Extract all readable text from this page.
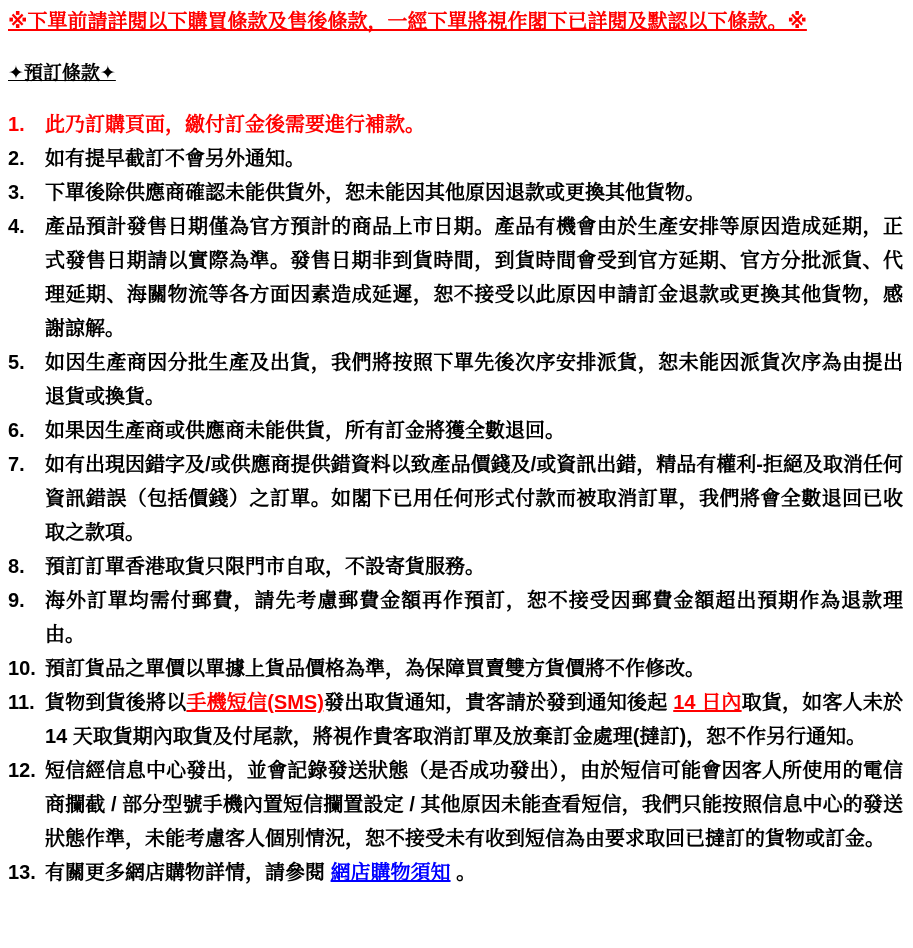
※下單前請詳閱以下購買條款及售後條款，一經下單將視作閣下已詳閱及默認以下條款。※
✦預訂條款✦
1.	此乃訂購頁面，繳付訂金後需要進行補款。
2.	如有提早截訂不會另外通知。
3.	下單後除供應商確認未能供貨外，恕未能因其他原因退款或更換其他貨物。
4.	產品預計發售日期僅為官方預計的商品上市日期。產品有機會由於生產安排等原因造成延期，正式發售日期請以實際為準。發售日期非到貨時間，到貨時間會受到官方延期、官方分批派貨、代理延期、海關物流等各方面因素造成延遲，恕不接受以此原因申請訂金退款或更換其他貨物，感謝諒解。
5.	如因生產商因分批生產及出貨，我們將按照下單先後次序安排派貨，恕未能因派貨次序為由提出退貨或換貨。
6.	如果因生產商或供應商未能供貨，所有訂金將獲全數退回。
7.	如有出現因錯字及/或供應商提供錯資料以致產品價錢及/或資訊出錯，精品有權利-拒絕及取消任何資訊錯誤（包括價錢）之訂單。如閣下已用任何形式付款而被取消訂單，我們將會全數退回已收取之款項。
8.	預訂訂單香港取貨只限門市自取，不設寄貨服務。
9.	海外訂單均需付郵費，請先考慮郵費金額再作預訂，恕不接受因郵費金額超出預期作為退款理由。
10. 預訂貨品之單價以單據上貨品價格為準，為保障買賣雙方貨價將不作修改。
11. 貨物到貨後將以手機短信(SMS)發出取貨通知，貴客請於發到通知後起 14 日內取貨，如客人未於 14 天取貨期內取貨及付尾款，將視作貴客取消訂單及放棄訂金處理(撻訂)，恕不作另行通知。
12. 短信經信息中心發出，並會記錄發送狀態（是否成功發出），由於短信可能會因客人所使用的電信商攔截 / 部分型號手機內置短信攔置設定 / 其他原因未能查看短信，我們只能按照信息中心的發送狀態作準，未能考慮客人個別情況，恕不接受未有收到短信為由要求取回已撻訂的貨物或訂金。
13. 有關更多網店購物詳情，請參閱 網店購物須知 。
